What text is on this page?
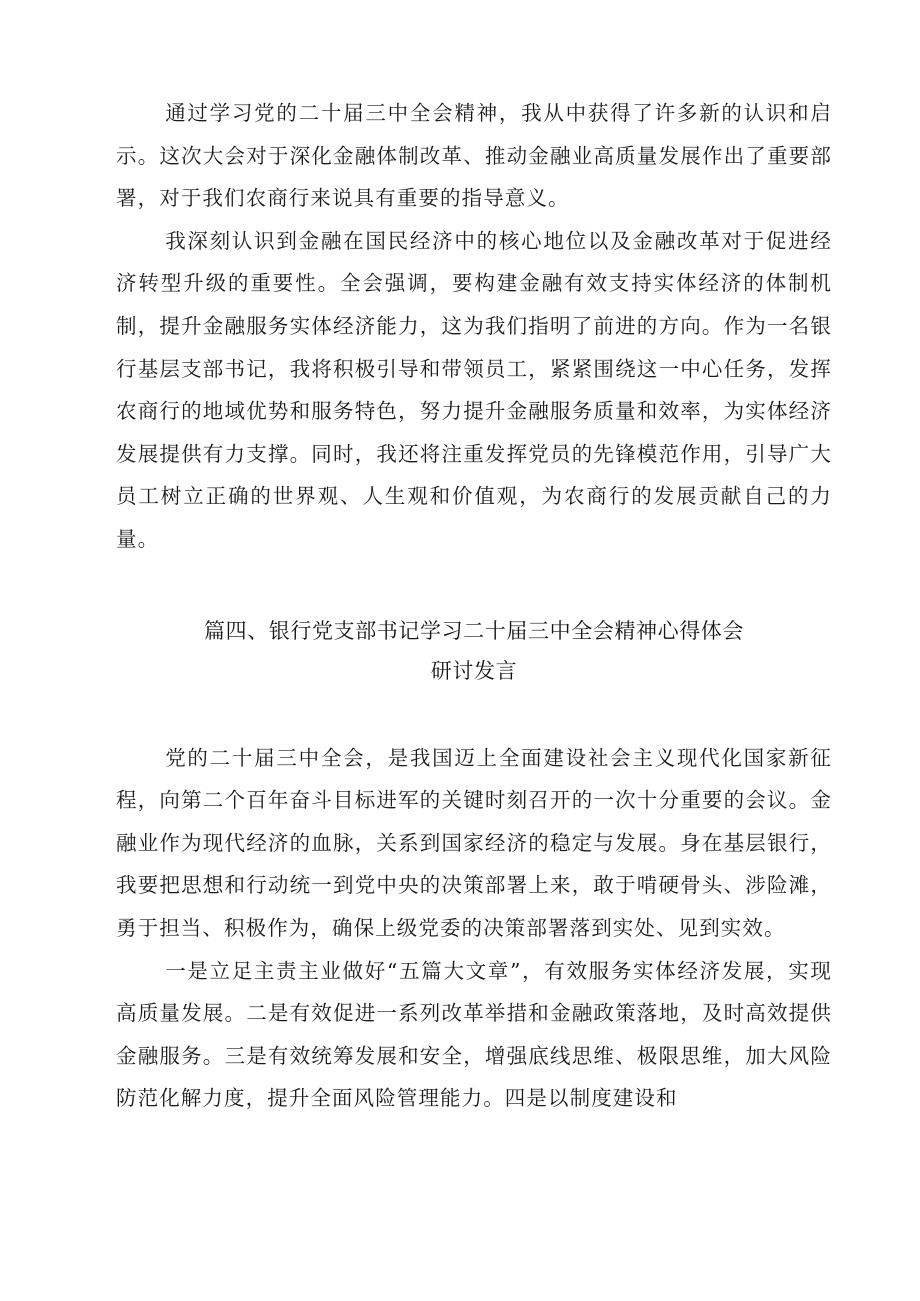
通过学习党的二十届三中全会精神，我从中获得了许多新的认识和启示。这次大会对于深化金融体制改革、推动金融业高质量发展作出了重要部署，对于我们农商行来说具有重要的指导意义。

我深刻认识到金融在国民经济中的核心地位以及金融改革对于促进经济转型升级的重要性。全会强调，要构建金融有效支持实体经济的体制机制，提升金融服务实体经济能力，这为我们指明了前进的方向。作为一名银行基层支部书记，我将积极引导和带领员工，紧紧围绕这一中心任务，发挥农商行的地域优势和服务特色，努力提升金融服务质量和效率，为实体经济发展提供有力支撑。同时，我还将注重发挥党员的先锋模范作用，引导广大员工树立正确的世界观、人生观和价值观，为农商行的发展贡献自己的力量。

篇四、银行党支部书记学习二十届三中全会精神心得体会

研讨发言

党的二十届三中全会，是我国迈上全面建设社会主义现代化国家新征程，向第二个百年奋斗目标进军的关键时刻召开的一次十分重要的会议。金融业作为现代经济的血脉，关系到国家经济的稳定与发展。身在基层银行，我要把思想和行动统一到党中央的决策部署上来，敢于啃硬骨头、涉险滩，勇于担当、积极作为，确保上级党委的决策部署落到实处、见到实效。

一是立足主责主业做好“五篇大文章”，有效服务实体经济发展，实现高质量发展。二是有效促进一系列改革举措和金融政策落地，及时高效提供金融服务。三是有效统筹发展和安全，增强底线思维、极限思维，加大风险防范化解力度，提升全面风险管理能力。四是以制度建设和
